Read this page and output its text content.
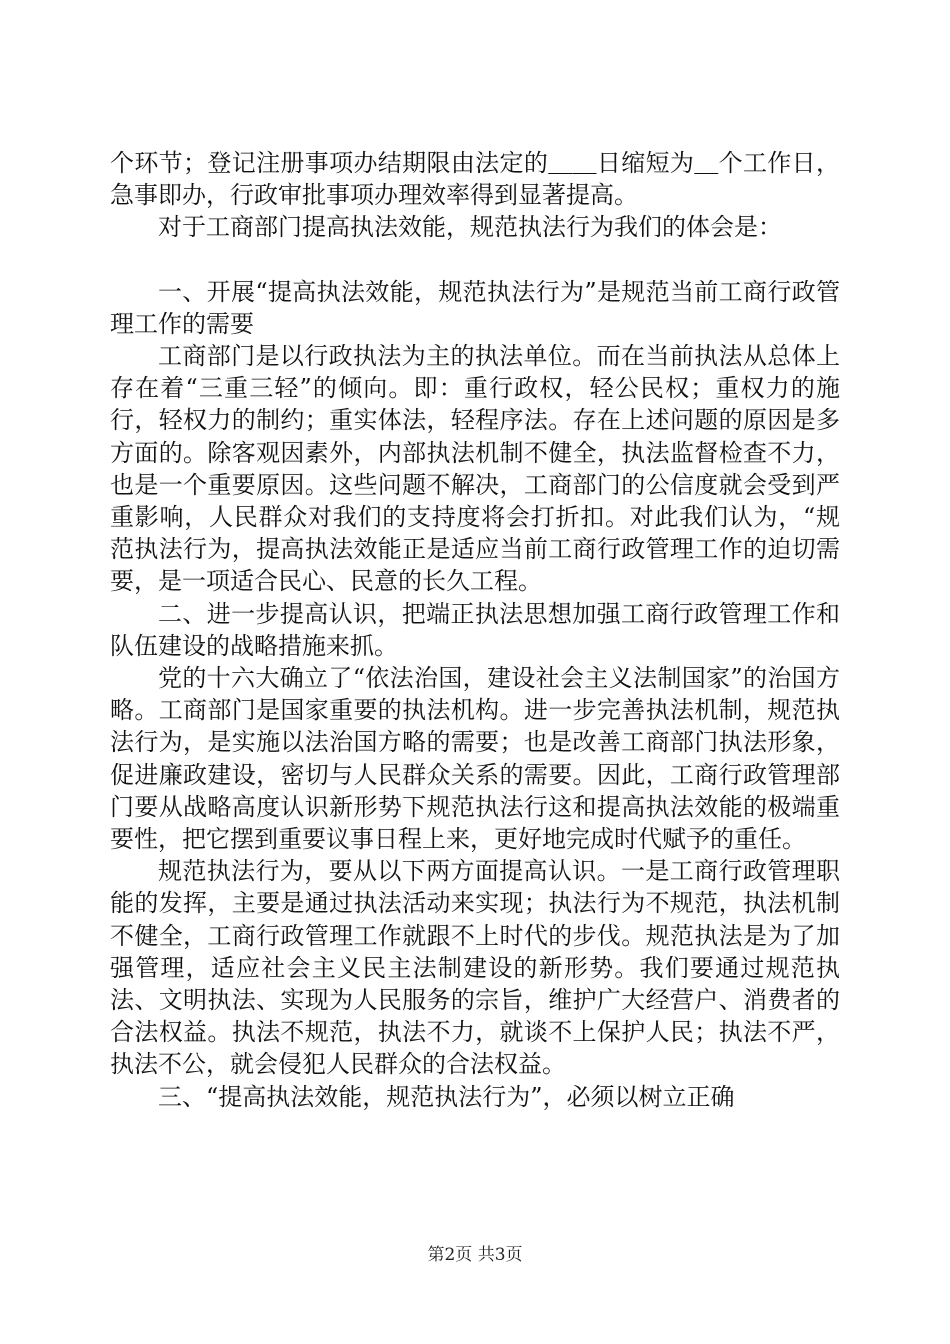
个环节；登记注册事项办结期限由法定的＿＿日缩短为＿个工作日，急事即办，行政审批事项办理效率得到显著提高。

对于工商部门提高执法效能，规范执法行为我们的体会是：

一、开展“提高执法效能，规范执法行为”是规范当前工商行政管理工作的需要

工商部门是以行政执法为主的执法单位。而在当前执法从总体上存在着“三重三轻”的倾向。即：重行政权，轻公民权；重权力的施行，轻权力的制约；重实体法，轻程序法。存在上述问题的原因是多方面的。除客观因素外，内部执法机制不健全，执法监督检查不力，也是一个重要原因。这些问题不解决，工商部门的公信度就会受到严重影响，人民群众对我们的支持度将会打折扣。对此我们认为，“规范执法行为，提高执法效能正是适应当前工商行政管理工作的迫切需要，是一项适合民心、民意的长久工程。

二、进一步提高认识，把端正执法思想加强工商行政管理工作和队伍建设的战略措施来抓。

党的十六大确立了“依法治国，建设社会主义法制国家”的治国方略。工商部门是国家重要的执法机构。进一步完善执法机制，规范执法行为，是实施以法治国方略的需要；也是改善工商部门执法形象，促进廉政建设，密切与人民群众关系的需要。因此，工商行政管理部门要从战略高度认识新形势下规范执法行这和提高执法效能的极端重要性，把它摆到重要议事日程上来，更好地完成时代赋予的重任。

规范执法行为，要从以下两方面提高认识。一是工商行政管理职能的发挥，主要是通过执法活动来实现；执法行为不规范，执法机制不健全，工商行政管理工作就跟不上时代的步伐。规范执法是为了加强管理，适应社会主义民主法制建设的新形势。我们要通过规范执法、文明执法、实现为人民服务的宗旨，维护广大经营户、消费者的合法权益。执法不规范，执法不力，就谈不上保护人民；执法不严，执法不公，就会侵犯人民群众的合法权益。

三、“提高执法效能，规范执法行为”，必须以树立正确

第2页 共3页
